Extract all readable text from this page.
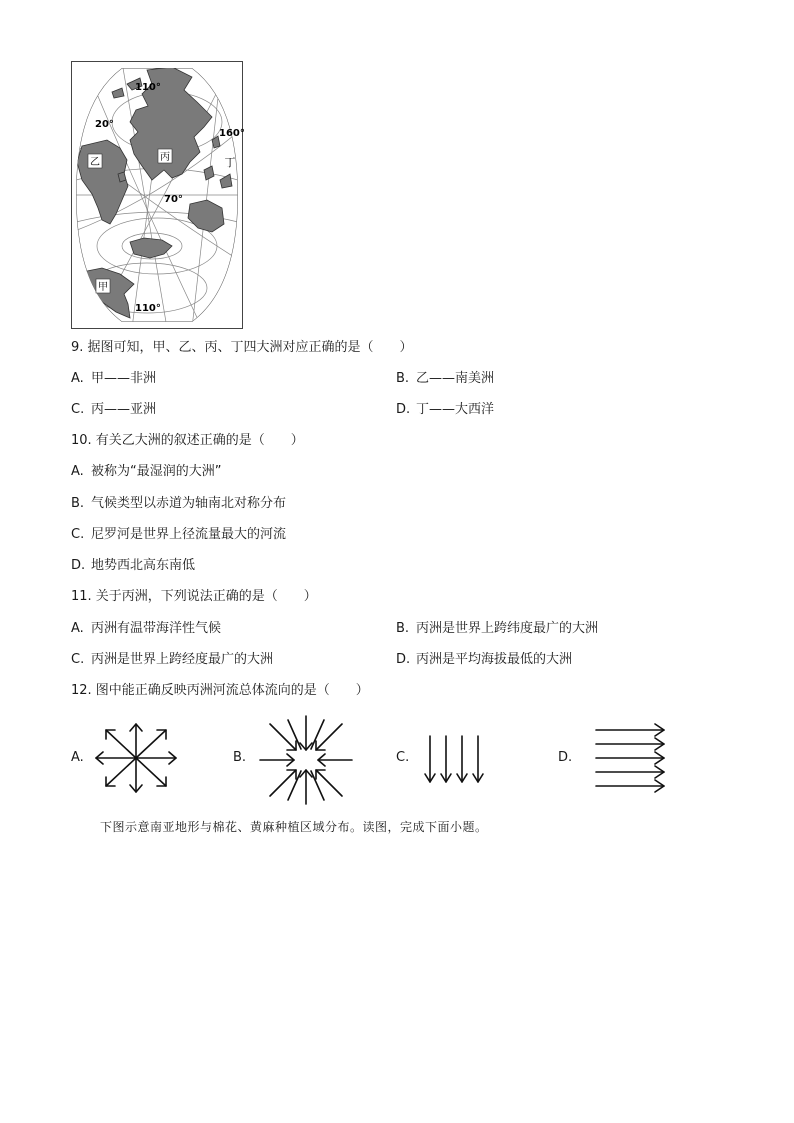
乙	丙
甲
丁
110°
20°
160°
70°
110°
9. 据图可知，甲、乙、丙、丁四大洲对应正确的是（　　）
A. 甲——非洲	B. 乙——南美洲
C. 丙——亚洲	D. 丁——大西洋
10. 有关乙大洲的叙述正确的是（　　）
A. 被称为“最湿润的大洲”
B. 气候类型以赤道为轴南北对称分布
C. 尼罗河是世界上径流量最大的河流
D. 地势西北高东南低
11. 关于丙洲，下列说法正确的是（　　）
A. 丙洲有温带海洋性气候	B. 丙洲是世界上跨纬度最广的大洲
C. 丙洲是世界上跨经度最广的大洲	D. 丙洲是平均海拔最低的大洲
12. 图中能正确反映丙洲河流总体流向的是（　　）
A.	B.	C.	D.
下图示意南亚地形与棉花、黄麻种植区域分布。读图，完成下面小题。
